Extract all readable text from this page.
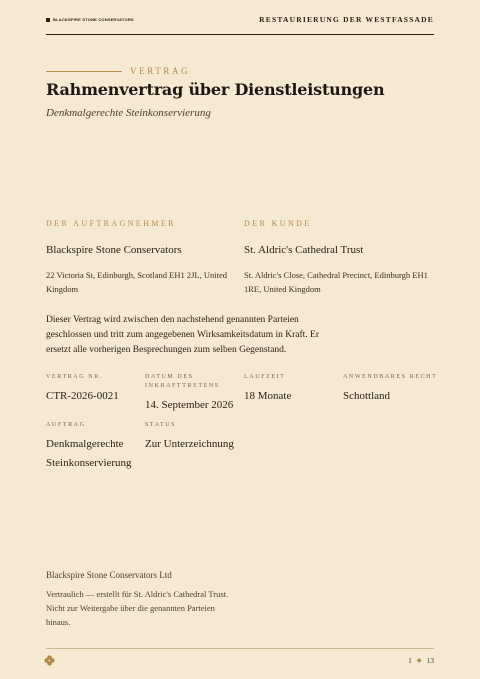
BLACKSPIRE STONE CONSERVATORS	RESTAURIERUNG DER WESTFASSADE
VERTRAG
Rahmenvertrag über Dienstleistungen
Denkmalgerechte Steinkonservierung
DER AUFTRAGNEHMER
Blackspire Stone Conservators
22 Victoria St, Edinburgh, Scotland EH1 2JL, United Kingdom
DER KUNDE
St. Aldric's Cathedral Trust
St. Aldric's Close, Cathedral Precinct, Edinburgh EH1 1RE, United Kingdom
Dieser Vertrag wird zwischen den nachstehend genannten Parteien geschlossen und tritt zum angegebenen Wirksamkeitsdatum in Kraft. Er ersetzt alle vorherigen Besprechungen zum selben Gegenstand.
VERTRAG NR.
CTR-2026-0021
DATUM DES INKRAFTTRETENS
14. September 2026
LAUFZEIT
18 Monate
ANWENDBARES RECHT
Schottland
AUFTRAG
Denkmalgerechte Steinkonservierung
STATUS
Zur Unterzeichnung
Blackspire Stone Conservators Ltd
Vertraulich — erstellt für St. Aldric's Cathedral Trust. Nicht zur Weitergabe über die genannten Parteien hinaus.
1 ◆ 13
